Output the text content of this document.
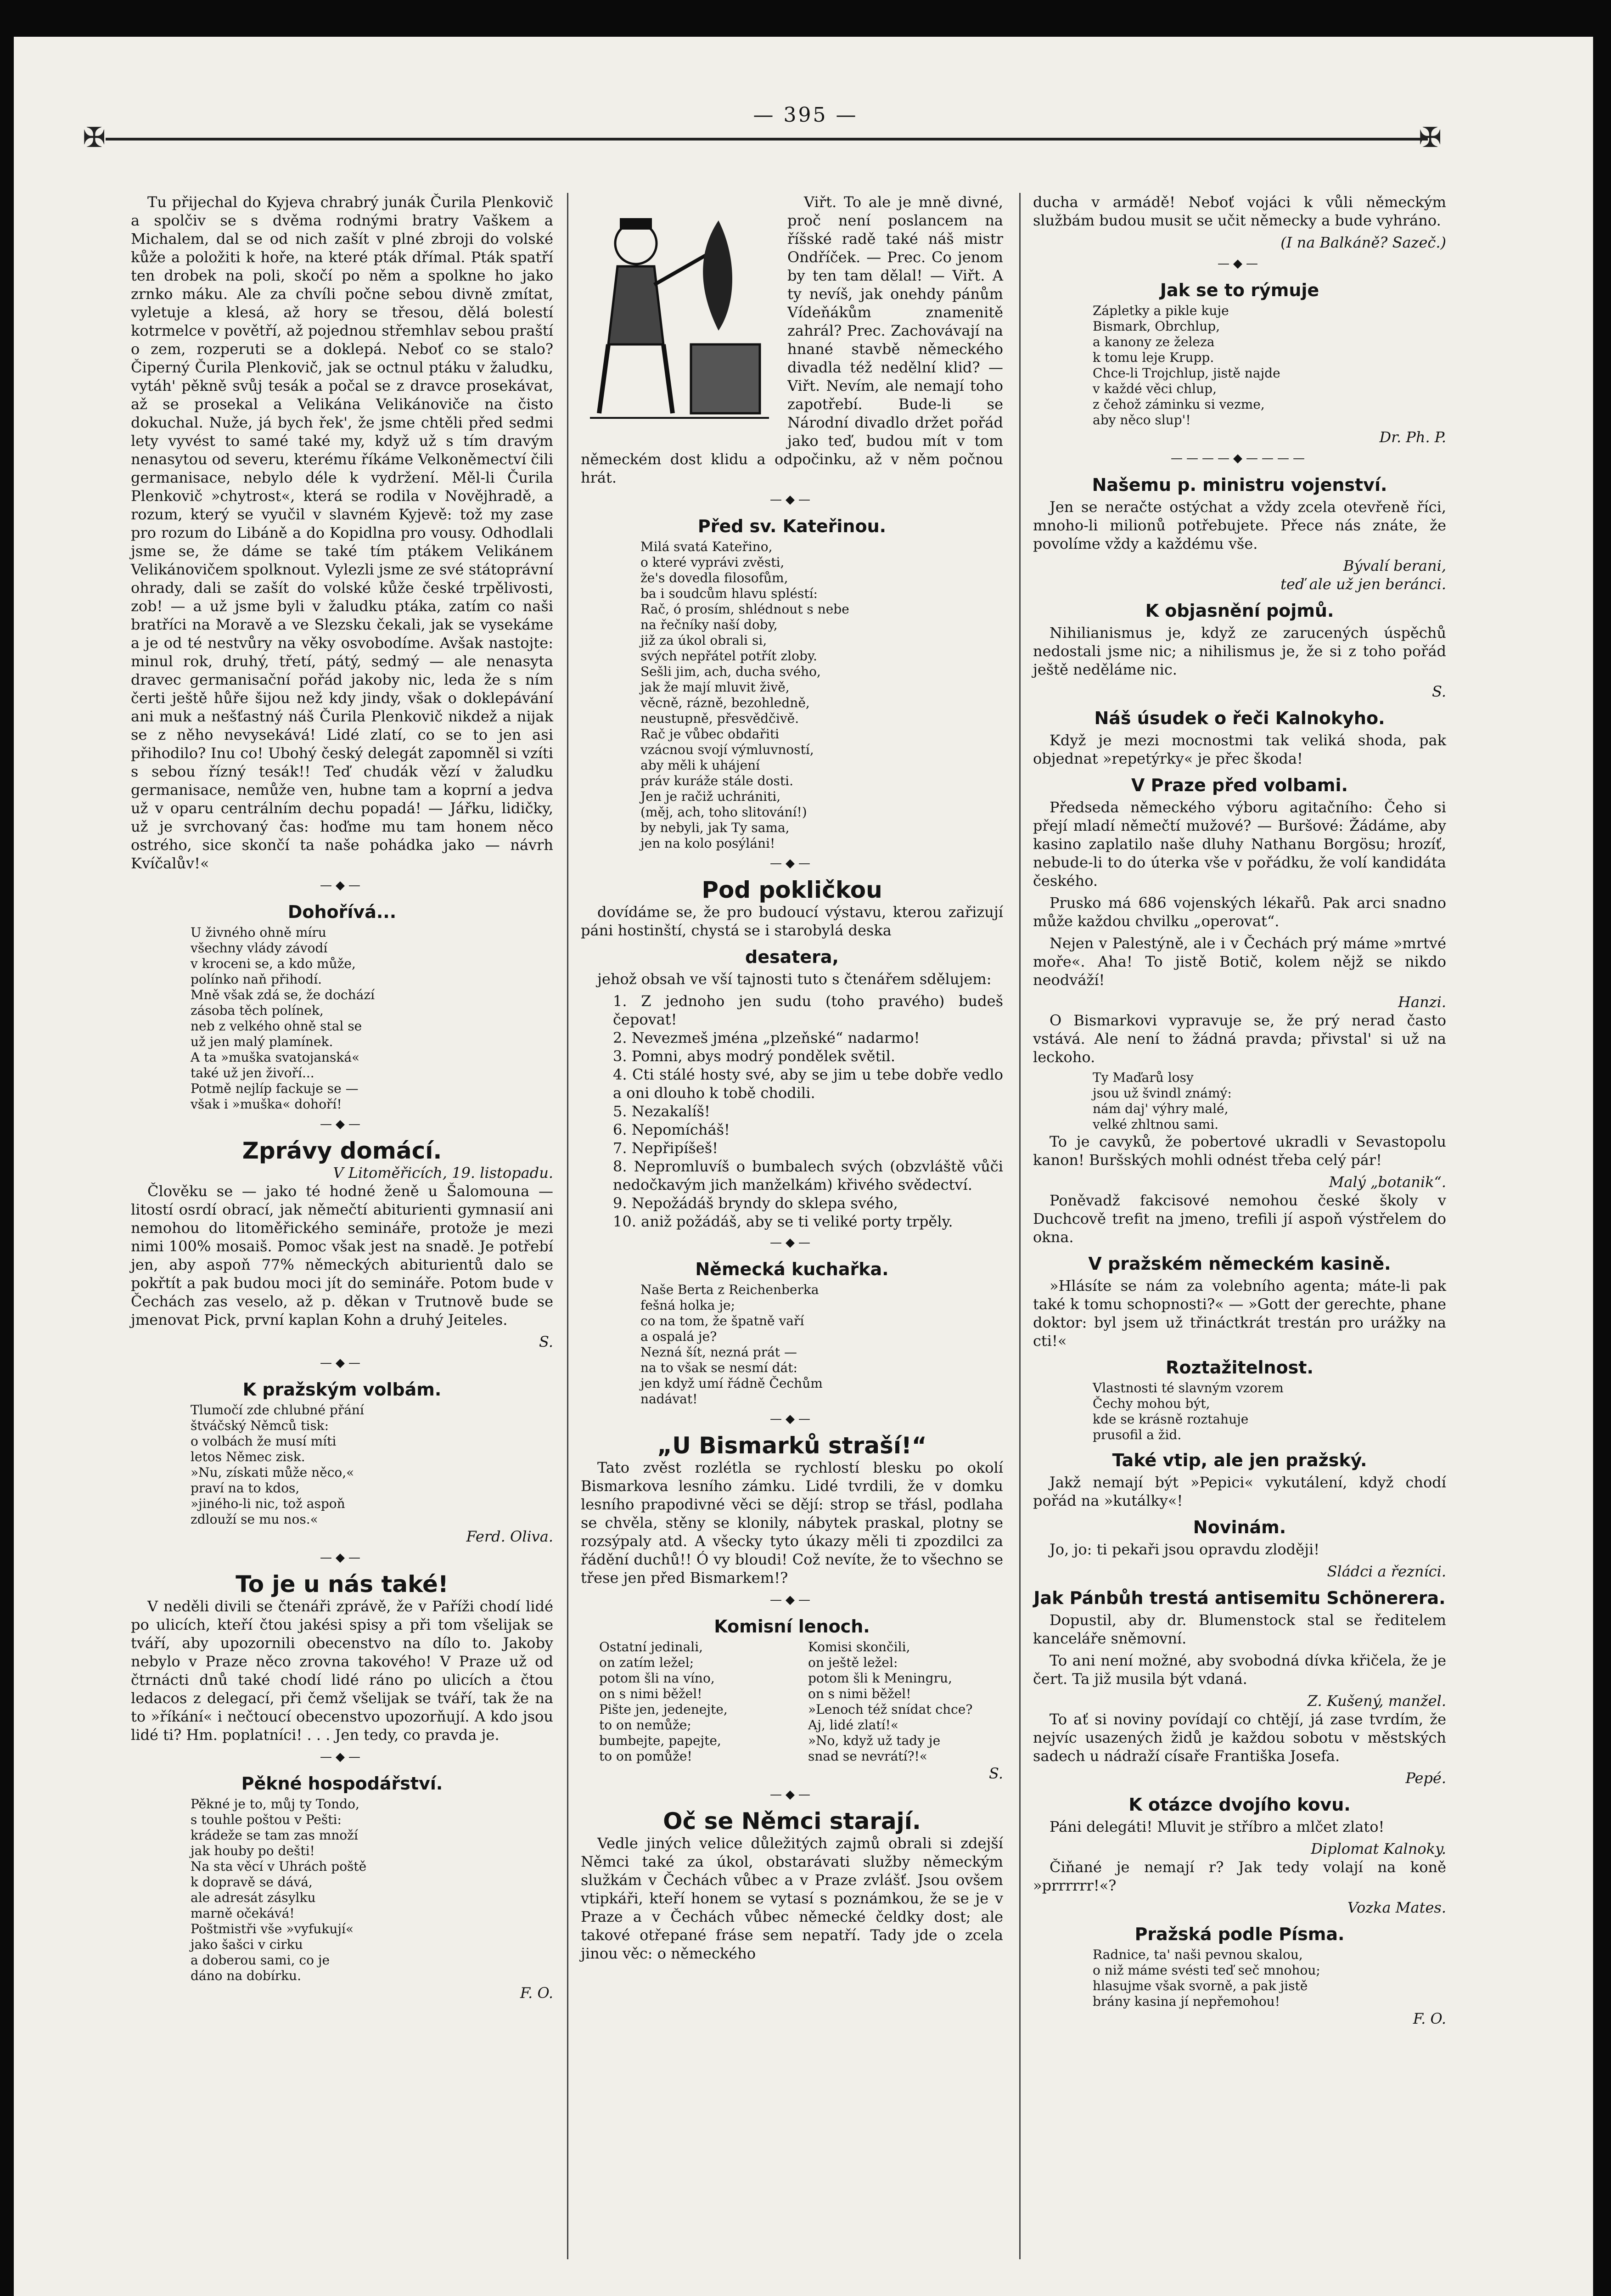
— 395 —
✠	✠

Tu přijechal do Kyjeva chrabrý junák Čurila Plenkovič a spolčiv se s dvěma rodnými bratry Vaškem a Michalem, dal se od nich zašít v plné zbroji do volské kůže a položiti k hoře, na které pták dřímal. Pták spatří ten drobek na poli, skočí po něm a spolkne ho jako zrnko máku. Ale za chvíli počne sebou divně zmítat, vyletuje a klesá, až hory se třesou, dělá bolestí kotrmelce v povětří, až pojednou střemhlav sebou praští o zem, rozperuti se a doklepá. Neboť co se stalo? Čiperný Čurila Plenkovič, jak se octnul ptáku v žaludku, vytáh' pěkně svůj tesák a počal se z dravce prosekávat, až se prosekal a Velikána Velikánoviče na čisto dokuchal. Nuže, já bych řek', že jsme chtěli před sedmi lety vyvést to samé také my, když už s tím dravým nenasytou od severu, kterému říkáme Velkoněmectví čili germanisace, nebylo déle k vydržení. Měl-li Čurila Plenkovič »chytrost«, která se rodila v Novějhradě, a rozum, který se vyučil v slavném Kyjevě: tož my zase pro rozum do Libáně a do Kopidlna pro vousy. Odhodlali jsme se, že dáme se také tím ptákem Velikánem Velikánovičem spolknout. Vylezli jsme ze své státoprávní ohrady, dali se zašít do volské kůže české trpělivosti, zob! — a už jsme byli v žaludku ptáka, zatím co naši bratříci na Moravě a ve Slezsku čekali, jak se vysekáme a je od té nestvůry na věky osvobodíme. Avšak nastojte: minul rok, druhý, třetí, pátý, sedmý — ale nenasyta dravec germanisační pořád jakoby nic, leda že s ním čerti ještě hůře šijou než kdy jindy, však o doklepávání ani muk a nešťastný náš Čurila Plenkovič nikdež a nijak se z něho nevysekává! Lidé zlatí, co se to jen asi přihodilo? Inu co! Ubohý český delegát zapomněl si vzíti s sebou řízný tesák!! Teď chudák vězí v žaludku germanisace, nemůže ven, hubne tam a koprní a jedva už v oparu centrálním dechu popadá! — Jářku, lidičky, už je svrchovaný čas: hoďme mu tam honem něco ostrého, sice skončí ta naše pohádka jako — návrh Kvíčalův!«

—◆—
Dohořívá...
U živného ohně míru
všechny vlády závodí
v kroceni se, a kdo může,
polínko naň přihodí.
Mně však zdá se, že dochází
zásoba těch polínek,
neb z velkého ohně stal se
už jen malý plamínek.
A ta »muška svatojanská«
také už jen živoří...
Potmě nejlíp fackuje se —
však i »muška« dohoří!
—◆—
Zprávy domácí.
V Litoměřicích, 19. listopadu.

Člověku se — jako té hodné ženě u Šalomouna — litostí osrdí obrací, jak němečtí abiturienti gymnasií ani nemohou do litoměřického semináře, protože je mezi nimi 100% mosaiš. Pomoc však jest na snadě. Je potřebí jen, aby aspoň 77% německých abiturientů dalo se pokřtít a pak budou moci jít do semináře. Potom bude v Čechách zas veselo, až p. děkan v Trutnově bude se jmenovat Pick, první kaplan Kohn a druhý Jeiteles.

S.
—◆—
K pražským volbám.
Tlumočí zde chlubné přání
štváčský Němců tisk:
o volbách že musí míti
letos Němec zisk.
»Nu, získati může něco,«
praví na to kdos,
»jiného-li nic, tož aspoň
zdlouží se mu nos.«
Ferd. Oliva.
—◆—
To je u nás také!

V neděli divili se čtenáři zprávě, že v Paříži chodí lidé po ulicích, kteří čtou jakési spisy a při tom všelijak se tváří, aby upozornili obecenstvo na dílo to. Jakoby nebylo v Praze něco zrovna takového! V Praze už od čtrnácti dnů také chodí lidé ráno po ulicích a čtou ledacos z delegací, při čemž všelijak se tváří, tak že na to »říkání« i nečtoucí obecenstvo upozorňují. A kdo jsou lidé ti? Hm. poplatníci! . . . Jen tedy, co pravda je.

—◆—
Pěkné hospodářství.
Pěkné je to, můj ty Tondo,
s touhle poštou v Pešti:
krádeže se tam zas množí
jak houby po dešti!
Na sta věcí v Uhrách poště
k dopravě se dává,
ale adresát zásylku
marně očekává!
Poštmistři vše »vyfukují«
jako šašci v cirku
a doberou sami, co je
dáno na dobírku.
F. O.

Viřt. To ale je mně divné, proč není poslancem na říšské radě také náš mistr Ondříček. — Prec. Co jenom by ten tam dělal! — Viřt. A ty nevíš, jak onehdy pánům Vídeňákům znamenitě zahrál? Prec. Zachovávají na hnané stavbě německého divadla též nedělní klid? — Viřt. Nevím, ale nemají toho zapotřebí. Bude-li se Národní divadlo držet pořád jako teď, budou mít v tom německém dost klidu a odpočinku, až v něm počnou hrát.

—◆—
Před sv. Kateřinou.
Milá svatá Kateřino,
o které vyprávi zvěsti,
že's dovedla filosofům,
ba i soudcům hlavu spléstí:
Rač, ó prosím, shlédnout s nebe
na řečníky naší doby,
již za úkol obrali si,
svých nepřátel potřít zloby.
Sešli jim, ach, ducha svého,
jak že mají mluvit živě,
věcně, rázně, bezohledně,
neustupně, přesvědčivě.
Rač je vůbec obdařiti
vzácnou svojí výmluvností,
aby měli k uhájení
práv kuráže stále dosti.
Jen je račiž uchrániti,
(měj, ach, toho slitování!)
by nebyli, jak Ty sama,
jen na kolo posýláni!
—◆—
Pod pokličkou

dovídáme se, že pro budoucí výstavu, kterou zařizují páni hostinští, chystá se i starobylá deska

desatera,

jehož obsah ve vší tajnosti tuto s čtenářem sdělujem:

1. Z jednoho jen sudu (toho pravého) budeš čepovat!
2. Nevezmeš jména „plzeňské“ nadarmo!
3. Pomni, abys modrý pondělek světil.
4. Cti stálé hosty své, aby se jim u tebe dobře vedlo a oni dlouho k tobě chodili.
5. Nezakalíš!
6. Nepomícháš!
7. Nepřipíšeš!
8. Nepromluvíš o bumbalech svých (obzvláště vůči nedočkavým jich manželkám) křivého svědectví.
9. Nepožádáš bryndy do sklepa svého,
10. aniž požádáš, aby se ti veliké porty trpěly.
—◆—
Německá kuchařka.
Naše Berta z Reichenberka
fešná holka je;
co na tom, že špatně vaří
a ospalá je?
Nezná šít, nezná prát —
na to však se nesmí dát:
jen když umí řádně Čechům
nadávat!
—◆—
„U Bismarků straší!“

Tato zvěst rozlétla se rychlostí blesku po okolí Bismarkova lesního zámku. Lidé tvrdili, že v domku lesního prapodivné věci se dějí: strop se třásl, podlaha se chvěla, stěny se klonily, nábytek praskal, plotny se rozsýpaly atd. A všecky tyto úkazy měli ti zpozdilci za řádění duchů!! Ó vy bloudi! Což nevíte, že to všechno se třese jen před Bismarkem!?

—◆—
Komisní lenoch.
Ostatní jedinali,
on zatím ležel;
potom šli na víno,
on s nimi běžel!
Pište jen, jedenejte,
to on nemůže;
bumbejte, papejte,
to on pomůže!
Komisi skončili,
on ještě ležel:
potom šli k Meningru,
on s nimi běžel!
»Lenoch též snídat chce?
Aj, lidé zlatí!«
»No, když už tady je
snad se nevrátí?!«
S.
—◆—
Oč se Němci starají.

Vedle jiných velice důležitých zajmů obrali si zdejší Němci také za úkol, obstarávati služby německým služkám v Čechách vůbec a v Praze zvlášť. Jsou ovšem vtipkáři, kteří honem se vytasí s poznámkou, že se je v Praze a v Čechách vůbec německé čeldky dost; ale takové otřepané fráse sem nepatří. Tady jde o zcela jinou věc: o německého

ducha v armádě! Neboť vojáci k vůli německým službám budou musit se učit německy a bude vyhráno.

(I na Balkáně? Sazeč.)
—◆—
Jak se to rýmuje
Zápletky a pikle kuje
Bismark, Obrchlup,
a kanony ze železa
k tomu leje Krupp.
Chce-li Trojchlup, jistě najde
v každé věci chlup,
z čehož záminku si vezme,
aby něco slup'!
Dr. Ph. P.
————◆————
Našemu p. ministru vojenství.

Jen se neračte ostýchat a vždy zcela otevřeně říci, mnoho-li milionů potřebujete. Přece nás znáte, že povolíme vždy a každému vše.

Bývalí berani,
teď ale už jen beránci.
K objasnění pojmů.

Nihilianismus je, když ze zarucených úspěchů nedostali jsme nic; a nihilismus je, že si z toho pořád ještě neděláme nic.

S.
Náš úsudek o řeči Kalnokyho.

Když je mezi mocnostmi tak veliká shoda, pak objednat »repetýrky« je přec škoda!

V Praze před volbami.

Předseda německého výboru agitačního: Čeho si přejí mladí němečtí mužové? — Buršové: Žádáme, aby kasino zaplatilo naše dluhy Nathanu Borgösu; hrozíť, nebude-li to do úterka vše v pořádku, že volí kandidáta českého.

Prusko má 686 vojenských lékařů. Pak arci snadno může každou chvilku „operovat“.

Nejen v Palestýně, ale i v Čechách prý máme »mrtvé moře«. Aha! To jistě Botič, kolem nějž se nikdo neodváží!

Hanzi.

O Bismarkovi vypravuje se, že prý nerad často vstává. Ale není to žádná pravda; přivstal' si už na leckoho.

Ty Maďarů losy
jsou už švindl známý:
nám daj' výhry malé,
velké zhltnou sami.

To je cavyků, že pobertové ukradli v Sevastopolu kanon! Buršských mohli odnést třeba celý pár!

Malý „botanik“.

Poněvadž fakcisové nemohou české školy v Duchcově trefit na jmeno, trefili jí aspoň výstřelem do okna.

V pražském německém kasině.

»Hlásíte se nám za volebního agenta; máte-li pak také k tomu schopnosti?« — »Gott der gerechte, phane doktor: byl jsem už třináctkrát trestán pro urážky na cti!«

Roztažitelnost.
Vlastnosti té slavným vzorem
Čechy mohou být,
kde se krásně roztahuje
prusofil a žid.
Také vtip, ale jen pražský.

Jakž nemají být »Pepici« vykutálení, když chodí pořád na »kutálky«!

Novinám.

Jo, jo: ti pekaři jsou opravdu zloději!

Sládci a řezníci.
Jak Pánbůh trestá antisemitu Schönerera.

Dopustil, aby dr. Blumenstock stal se ředitelem kanceláře sněmovní.

To ani není možné, aby svobodná dívka křičela, že je čert. Ta již musila být vdaná.

Z. Kušený, manžel.

To ať si noviny povídají co chtějí, já zase tvrdím, že nejvíc usazených židů je každou sobotu v městských sadech u nádraží císaře Františka Josefa.

Pepé.
K otázce dvojího kovu.

Páni delegáti! Mluvit je stříbro a mlčet zlato!

Diplomat Kalnoky.

Čiňané je nemají r? Jak tedy volají na koně »prrrrrr!«?

Vozka Mates.
Pražská podle Písma.
Radnice, ta' naši pevnou skalou,
o niž máme svésti teď seč mnohou;
hlasujme však svorně, a pak jistě
brány kasina jí nepřemohou!
F. O.
